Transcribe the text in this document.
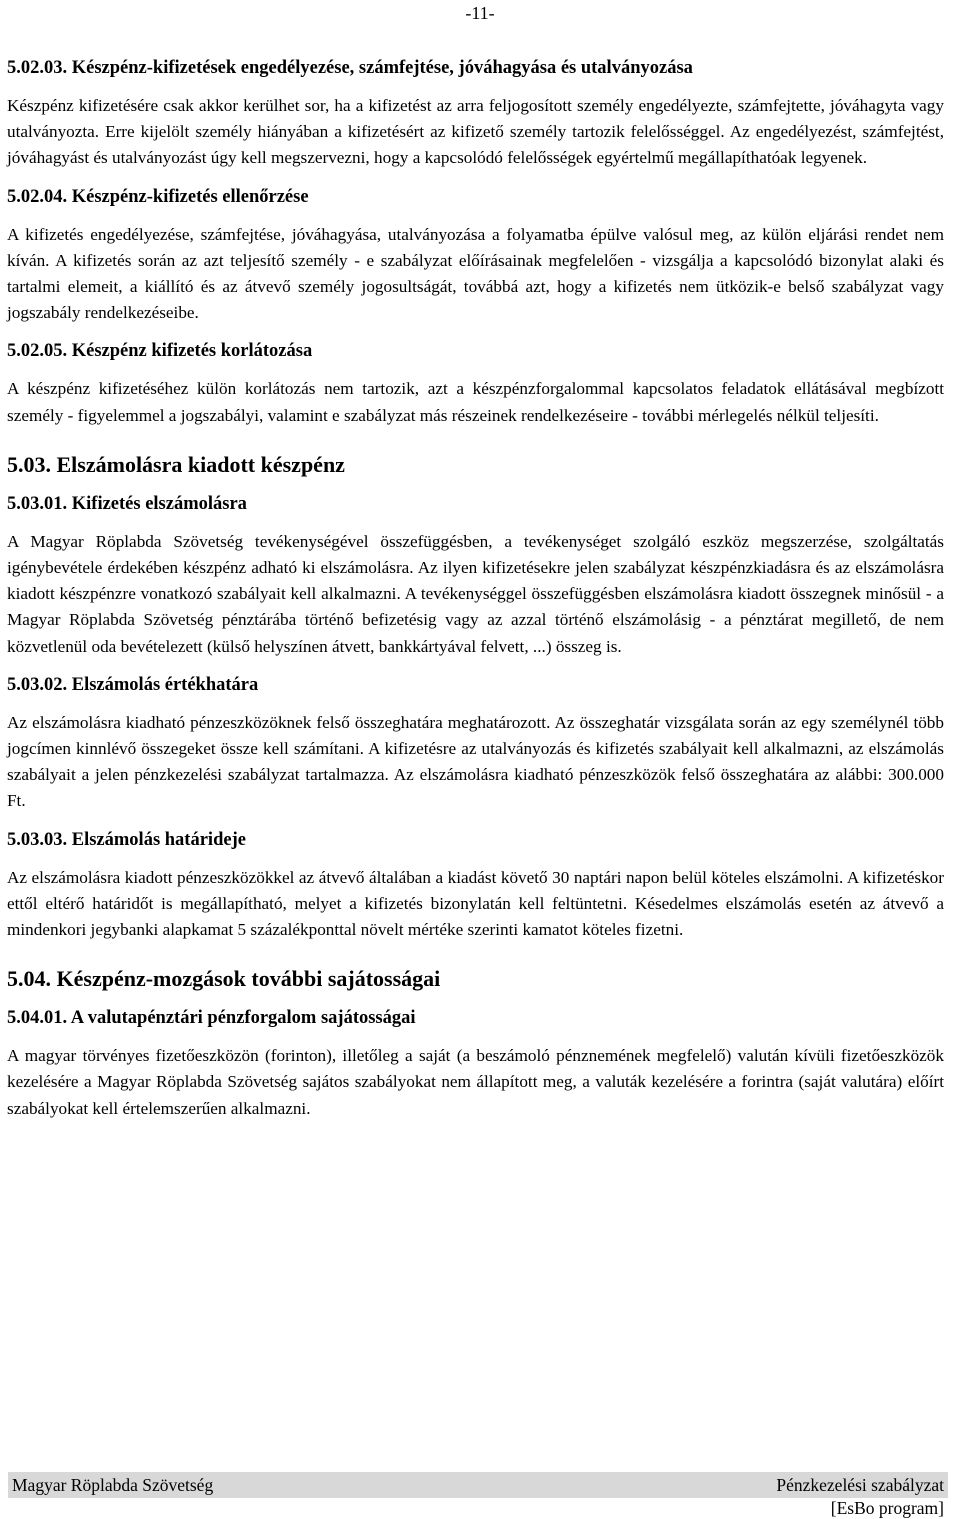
-11-
5.02.03. Készpénz-kifizetések engedélyezése, számfejtése, jóváhagyása és utalványozása

Készpénz kifizetésére csak akkor kerülhet sor, ha a kifizetést az arra feljogosított személy engedélyezte, számfejtette, jóváhagyta vagy utalványozta. Erre kijelölt személy hiányában a kifizetésért az kifizető személy tartozik felelősséggel. Az engedélyezést, számfejtést, jóváhagyást és utalványozást úgy kell megszervezni, hogy a kapcsolódó felelősségek egyértelmű megállapíthatóak legyenek.

5.02.04. Készpénz-kifizetés ellenőrzése

A kifizetés engedélyezése, számfejtése, jóváhagyása, utalványozása a folyamatba épülve valósul meg, az külön eljárási rendet nem kíván. A kifizetés során az azt teljesítő személy - e szabályzat előírásainak megfelelően - vizsgálja a kapcsolódó bizonylat alaki és tartalmi elemeit, a kiállító és az átvevő személy jogosultságát, továbbá azt, hogy a kifizetés nem ütközik-e belső szabályzat vagy jogszabály rendelkezéseibe.

5.02.05. Készpénz kifizetés korlátozása

A készpénz kifizetéséhez külön korlátozás nem tartozik, azt a készpénzforgalommal kapcsolatos feladatok ellátásával megbízott személy - figyelemmel a jogszabályi, valamint e szabályzat más részeinek rendelkezéseire - további mérlegelés nélkül teljesíti.

5.03. Elszámolásra kiadott készpénz
5.03.01. Kifizetés elszámolásra

A Magyar Röplabda Szövetség tevékenységével összefüggésben, a tevékenységet szolgáló eszköz megszerzése, szolgáltatás igénybevétele érdekében készpénz adható ki elszámolásra. Az ilyen kifizetésekre jelen szabályzat készpénzkiadásra és az elszámolásra kiadott készpénzre vonatkozó szabályait kell alkalmazni. A tevékenységgel összefüggésben elszámolásra kiadott összegnek minősül - a Magyar Röplabda Szövetség pénztárába történő befizetésig vagy az azzal történő elszámolásig - a pénztárat megillető, de nem közvetlenül oda bevételezett (külső helyszínen átvett, bankkártyával felvett, ...) összeg is.

5.03.02. Elszámolás értékhatára

Az elszámolásra kiadható pénzeszközöknek felső összeghatára meghatározott. Az összeghatár vizsgálata során az egy személynél több jogcímen kinnlévő összegeket össze kell számítani. A kifizetésre az utalványozás és kifizetés szabályait kell alkalmazni, az elszámolás szabályait a jelen pénzkezelési szabályzat tartalmazza. Az elszámolásra kiadható pénzeszközök felső összeghatára az alábbi: 300.000 Ft.

5.03.03. Elszámolás határideje

Az elszámolásra kiadott pénzeszközökkel az átvevő általában a kiadást követő 30 naptári napon belül köteles elszámolni. A kifizetéskor ettől eltérő határidőt is megállapítható, melyet a kifizetés bizonylatán kell feltüntetni. Késedelmes elszámolás esetén az átvevő a mindenkori jegybanki alapkamat 5 százalékponttal növelt mértéke szerinti kamatot köteles fizetni.

5.04. Készpénz-mozgások további sajátosságai
5.04.01. A valutapénztári pénzforgalom sajátosságai

A magyar törvényes fizetőeszközön (forinton), illetőleg a saját (a beszámoló pénznemének megfelelő) valután kívüli fizetőeszközök kezelésére a Magyar Röplabda Szövetség sajátos szabályokat nem állapított meg, a valuták kezelésére a forintra (saját valutára) előírt szabályokat kell értelemszerűen alkalmazni.

Magyar Röplabda Szövetség	Pénzkezelési szabályzat
[EsBo program]
